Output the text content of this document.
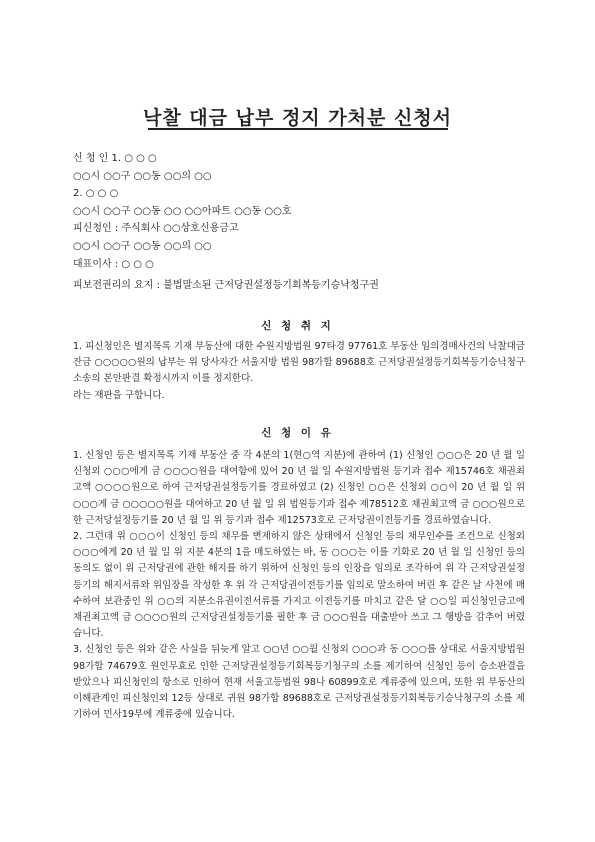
낙찰 대금 납부 정지 가처분 신청서
신 청 인 1. ○ ○ ○
○○시 ○○구 ○○동 ○○의 ○○
2. ○ ○ ○
○○시 ○○구 ○○동 ○○ ○○아파트 ○○동 ○○호
피신청인 : 주식회사 ○○상호신용금고
○○시 ○○구 ○○동 ○○의 ○○
대표이사 : ○ ○ ○
피보전권리의 요지 : 불법말소된 근저당권설정등기회복등기승낙청구권
신 청 취 지

1. 피신청인은 별지목록 기재 부동산에 대한 수원지방법원 97타경 97761호 부동산 임의경매사건의 낙찰대금 잔금 ○○○○○원의 납부는 위 당사자간 서울지방 법원 98가합 89688호 근저당권설정등기회복등기승낙청구 소송의 본안판결 확정시까지 이를 정지한다.

라는 재판을 구합니다.

신 청 이 유

1. 신청인 등은 별지목록 기재 부동산 중 각 4분의 1(현○역 지분)에 관하여 (1) 신청인 ○○○은 20 년 월 일 신청외 ○○○에게 금 ○○○○원을 대여함에 있어 20 년 월 일 수원지방법원 등기과 접수 제15746호 채권최고액 ○○○○원으로 하여 근저당권설정등기를 경료하였고 (2) 신청인 ○○은 신청외 ○○이 20 년 월 일 위 ○○○게 금 ○○○○○원을 대여하고 20 년 월 일 위 법원등기과 접수 제78512호 채권최고액 금 ○○○원으로 한 근저당설정등기를 20 년 월 일 위 등기과 접수 제12573호로 근저당권이전등기를 경료하였습니다.

2. 그런데 위 ○○○이 신청인 등의 채무를 변제하지 않은 상태에서 신청인 등의 채무인수를 조건으로 신청외 ○○○에게 20 년 월 일 위 지분 4분의 1을 매도하였는 바, 동 ○○○는 이를 기화로 20 년 월 일 신청인 등의 동의도 없이 위 근저당권에 관한 해지를 하기 위하여 신청인 등의 인장을 임의로 조각하여 위 각 근저당권설정등기의 해지서류와 위임장을 작성한 후 위 각 근저당권이전등기를 임의로 말소하여 버린 후 같은 날 사천에 매수하여 보관중인 위 ○○의 지분소유권이전서류를 가지고 이전등기를 마치고 같은 달 ○○일 피신청인금고에 채권최고액 금 ○○○○원의 근저당권설정등기를 필한 후 금 ○○○원을 대출받아 쓰고 그 행방을 감추어 버렸습니다.

3. 신청인 등은 위와 같은 사실을 뒤늦게 알고 ○○년 ○○월 신청외 ○○○과 동 ○○○를 상대로 서울지방법원 98가합 74679호 원인무효로 인한 근저당권설정등기회복등기청구의 소를 제기하여 신청인 등이 승소판결을 받았으나 피신청인의 항소로 인하여 현재 서울고등법원 98나 60899호로 계류중에 있으며, 또한 위 부동산의 이해관계인 피신청인외 12등 상대로 귀원 98가합 89688호로 근저당권설정등기회복등기승낙청구의 소를 제기하여 민사19부에 계류중에 있습니다.
